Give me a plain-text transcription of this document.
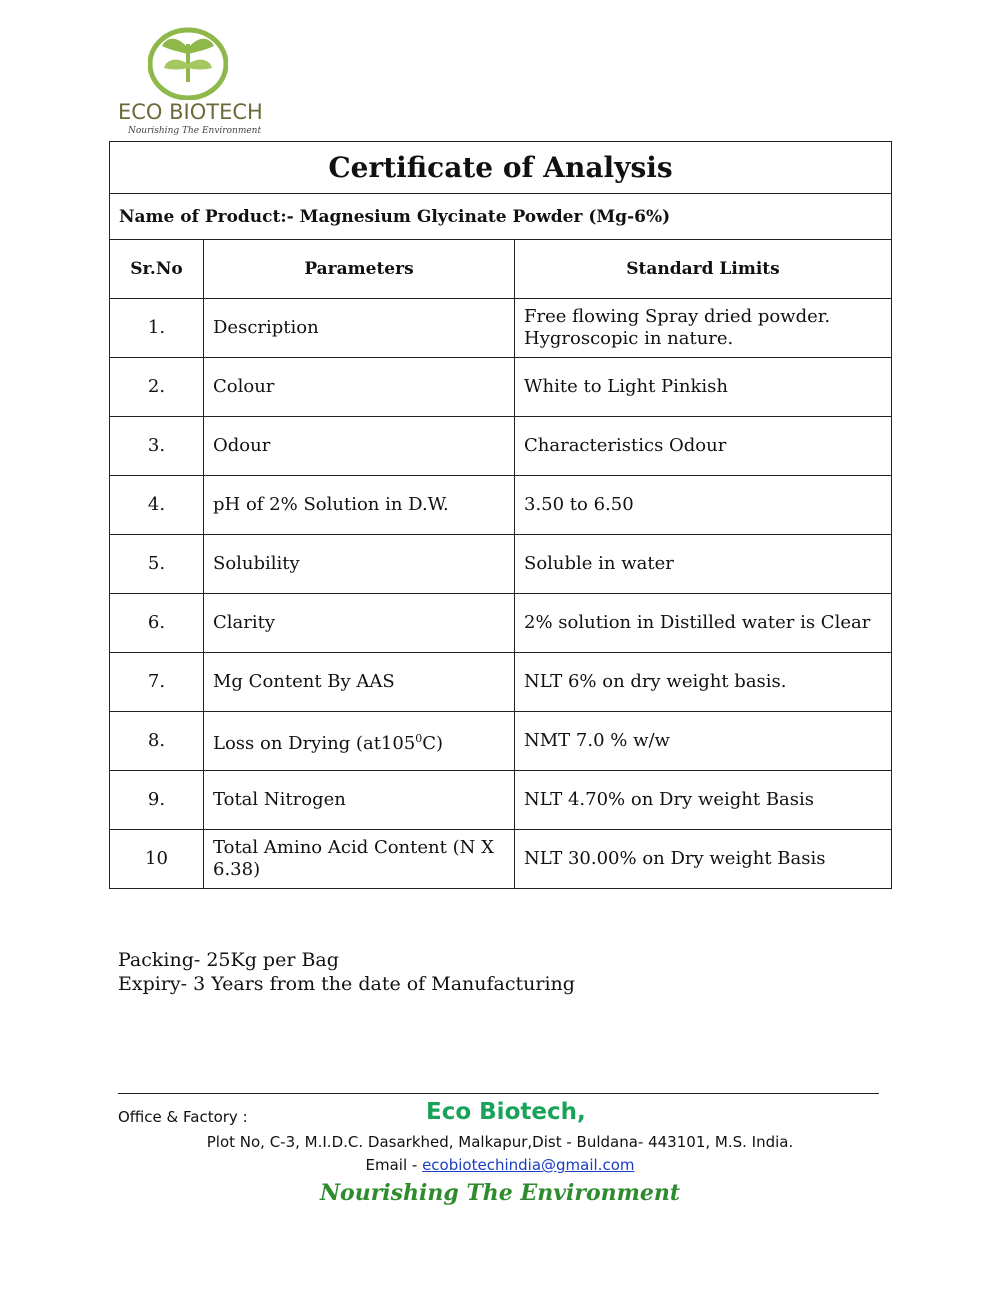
ECO BIOTECH
Nourishing The Environment
Certificate of Analysis		
Name of Product:- Magnesium Glycinate Powder (Mg-6%)		
Sr.No	Parameters	Standard Limits
1.	Description	Free flowing Spray dried powder. Hygroscopic in nature.
2.	Colour	White to Light Pinkish
3.	Odour	Characteristics Odour
4.	pH of 2% Solution in D.W.	3.50 to 6.50
5.	Solubility	Soluble in water
6.	Clarity	2% solution in Distilled water is Clear
7.	Mg Content By AAS	NLT 6% on dry weight basis.
8.	Loss on Drying $(at105^0C)$	NMT 7.0 % w/w
9.	Total Nitrogen	NLT 4.70% on Dry weight Basis
10	Total Amino Acid Content (N X 6.38)	NLT 30.00% on Dry weight Basis
Packing- 25Kg per Bag
Expiry- 3 Years from the date of Manufacturing
Office & Factory :	Eco Biotech,
Plot No, C-3, M.I.D.C. Dasarkhed, Malkapur,Dist - Buldana- 443101, M.S. India.
Email - ecobiotechindia@gmail.com
Nourishing The Environment
